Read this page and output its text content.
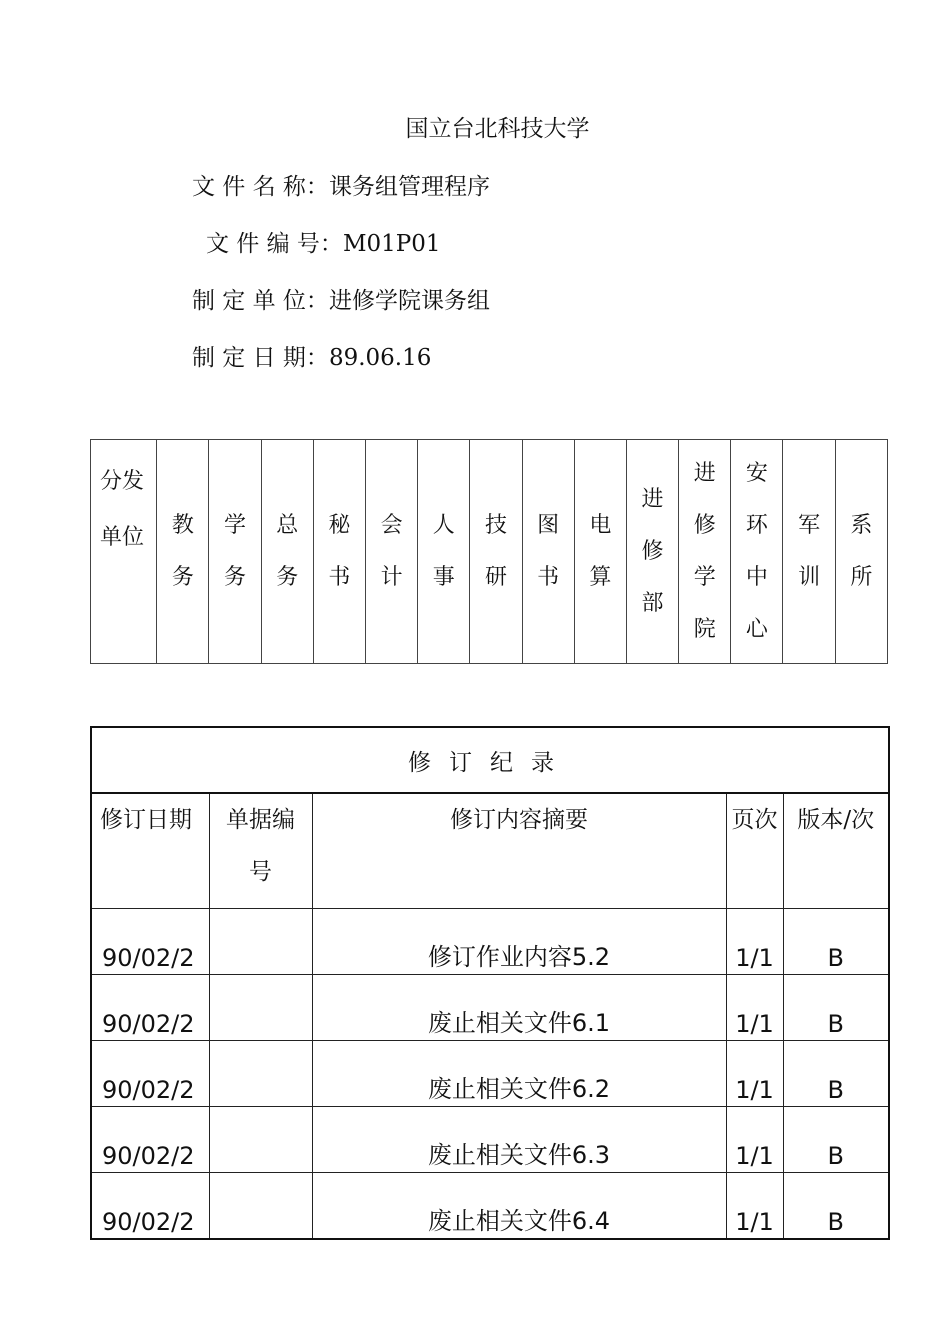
国立台北科技大学
文 件 名 称：课务组管理程序
文 件 编 号：M01P01
制 定 单 位：进修学院课务组
制 定 日 期：89.06.16
分发单位	教务	学务	总务	秘书	会计	人事	技研	图书	电算	进修部	进修学院	安环中心	军训	系所
修订纪录				
修订日期	单据编号	修订内容摘要	页次	版本/次
90/02/2		修订作业内容5.2	1/1	B
90/02/2		废止相关文件6.1	1/1	B
90/02/2		废止相关文件6.2	1/1	B
90/02/2		废止相关文件6.3	1/1	B
90/02/2		废止相关文件6.4	1/1	B
